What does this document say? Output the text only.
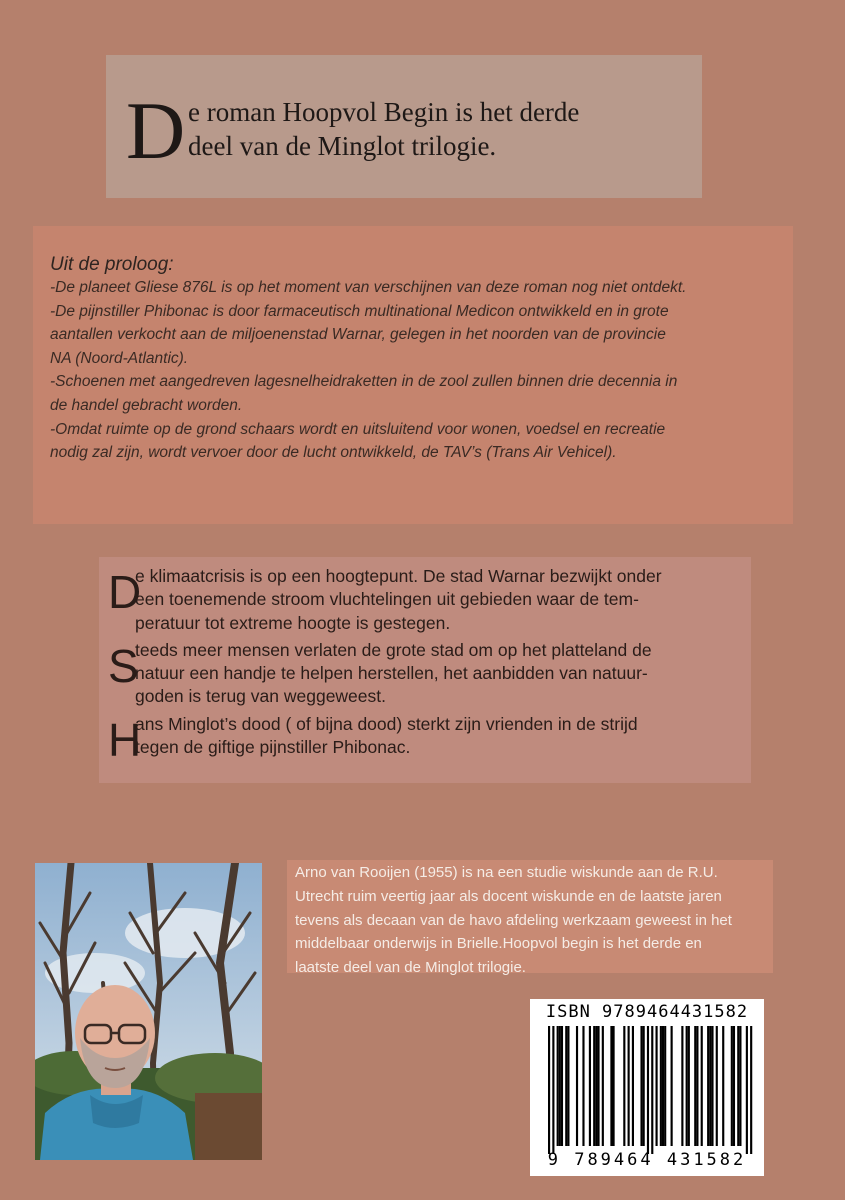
D e roman Hoopvol Begin is het derde
deel van de Minglot trilogie.
Uit de proloog:
-De planeet Gliese 876L is op het moment van verschijnen van deze roman nog niet ontdekt.
-De pijnstiller Phibonac is door farmaceutisch multinational Medicon ontwikkeld en in grote
aantallen verkocht aan de miljoenenstad Warnar, gelegen in het noorden van de provincie
NA (Noord-Atlantic).
-Schoenen met aangedreven lagesnelheidraketten in de zool zullen binnen drie decennia in
de handel gebracht worden.
-Omdat ruimte op de grond schaars wordt en uitsluitend voor wonen, voedsel en recreatie
nodig zal zijn, wordt vervoer door de lucht ontwikkeld, de TAV’s (Trans Air Vehicel).
D
e klimaatcrisis is op een hoogtepunt. De stad Warnar bezwijkt onder
een toenemende stroom vluchtelingen uit gebieden waar de tem-
peratuur tot extreme hoogte is gestegen.
S
teeds meer mensen verlaten de grote stad om op het platteland de
natuur een handje te helpen herstellen, het aanbidden van natuur-
goden is terug van weggeweest.
H
ans Minglot’s dood ( of bijna dood) sterkt zijn vrienden in de strijd
tegen de giftige pijnstiller Phibonac.
Arno van Rooijen (1955) is na een studie wiskunde aan de R.U.
Utrecht ruim veertig jaar als docent wiskunde en de laatste jaren
tevens als decaan van de havo afdeling werkzaam geweest in het
middelbaar onderwijs in Brielle.Hoopvol begin is het derde en
laatste deel van de Minglot trilogie.
ISBN 9789464431582
9 789464 431582
